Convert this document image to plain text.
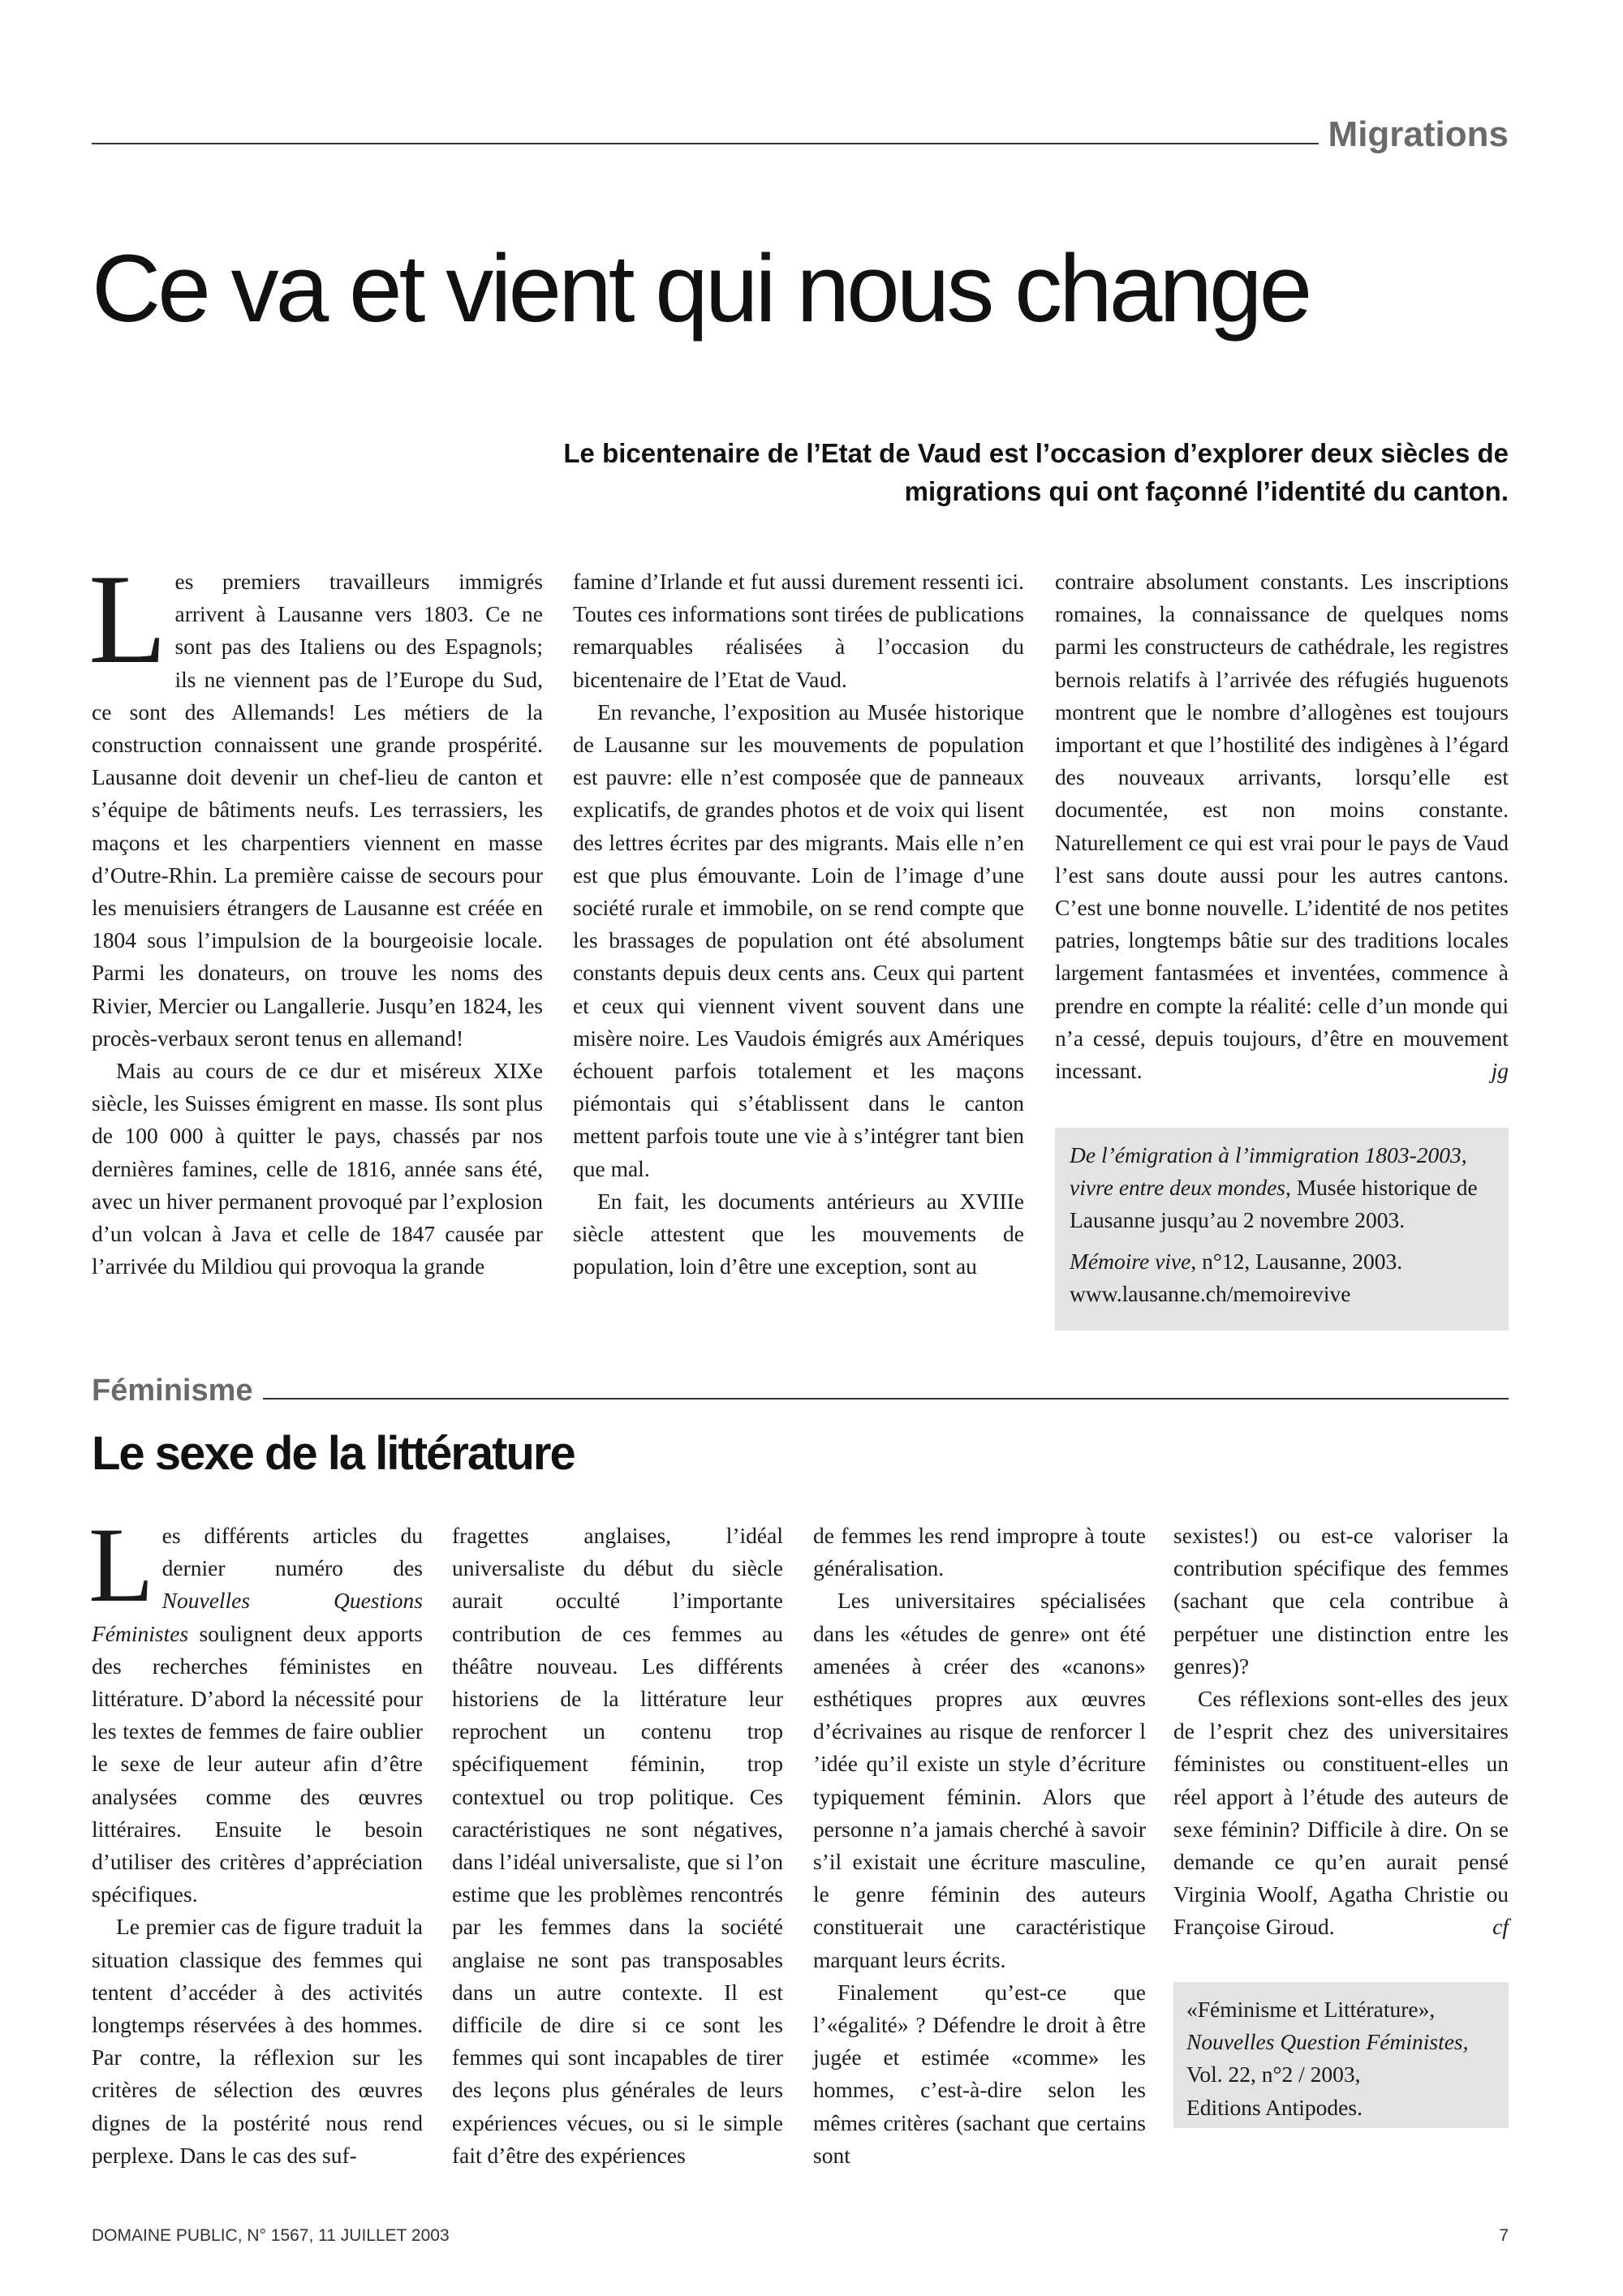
Migrations
Ce va et vient qui nous change
Le bicentenaire de l’Etat de Vaud est l’occasion d’explorer deux siècles de migrations qui ont façonné l’identité du canton.

Les premiers travailleurs immigrés arrivent à Lausanne vers 1803. Ce ne sont pas des Italiens ou des Espagnols; ils ne viennent pas de l’Europe du Sud, ce sont des Allemands! Les métiers de la construction connaissent une grande prospérité. Lausanne doit devenir un chef-lieu de canton et s’équipe de bâtiments neufs. Les terrassiers, les maçons et les charpentiers viennent en masse d’Outre-Rhin. La première caisse de secours pour les menuisiers étrangers de Lausanne est créée en 1804 sous l’impulsion de la bourgeoisie locale. Parmi les donateurs, on trouve les noms des Rivier, Mercier ou Langallerie. Jusqu’en 1824, les procès-verbaux seront tenus en allemand!

Mais au cours de ce dur et miséreux XIXe siècle, les Suisses émigrent en masse. Ils sont plus de 100 000 à quitter le pays, chassés par nos dernières famines, celle de 1816, année sans été, avec un hiver permanent provoqué par l’explosion d’un volcan à Java et celle de 1847 causée par l’arrivée du Mildiou qui provoqua la grande

famine d’Irlande et fut aussi durement ressenti ici. Toutes ces informations sont tirées de publications remarquables réalisées à l’occasion du bicentenaire de l’Etat de Vaud.

En revanche, l’exposition au Musée historique de Lausanne sur les mouvements de population est pauvre: elle n’est composée que de panneaux explicatifs, de grandes photos et de voix qui lisent des lettres écrites par des migrants. Mais elle n’en est que plus émouvante. Loin de l’image d’une société rurale et immobile, on se rend compte que les brassages de population ont été absolument constants depuis deux cents ans. Ceux qui partent et ceux qui viennent vivent souvent dans une misère noire. Les Vaudois émigrés aux Amériques échouent parfois totalement et les maçons piémontais qui s’établissent dans le canton mettent parfois toute une vie à s’intégrer tant bien que mal.

En fait, les documents antérieurs au XVIIIe siècle attestent que les mouvements de population, loin d’être une exception, sont au

contraire absolument constants. Les inscriptions romaines, la connaissance de quelques noms parmi les constructeurs de cathédrale, les registres bernois relatifs à l’arrivée des réfugiés huguenots montrent que le nombre d’allogènes est toujours important et que l’hostilité des indigènes à l’égard des nouveaux arrivants, lorsqu’elle est documentée, est non moins constante. Naturellement ce qui est vrai pour le pays de Vaud l’est sans doute aussi pour les autres cantons. C’est une bonne nouvelle. L’identité de nos petites patries, longtemps bâtie sur des traditions locales largement fantasmées et inventées, commence à prendre en compte la réalité: celle d’un monde qui n’a cessé, depuis toujours, d’être en mouvement incessant.	jg

De l’émigration à l’immigration 1803-2003, vivre entre deux mondes, Musée historique de Lausanne jusqu’au 2 novembre 2003.

Mémoire vive, n°12, Lausanne, 2003.
www.lausanne.ch/memoirevive

Féminisme
Le sexe de la littérature

Les différents articles du dernier numéro des Nouvelles Questions Féministes soulignent deux apports des recherches féministes en littérature. D’abord la nécessité pour les textes de femmes de faire oublier le sexe de leur auteur afin d’être analysées comme des œuvres littéraires. Ensuite le besoin d’utiliser des critères d’appréciation spécifiques.

Le premier cas de figure traduit la situation classique des femmes qui tentent d’accéder à des activités longtemps réservées à des hommes. Par contre, la réflexion sur les critères de sélection des œuvres dignes de la postérité nous rend perplexe. Dans le cas des suf-

fragettes anglaises, l’idéal universaliste du début du siècle aurait occulté l’importante contribution de ces femmes au théâtre nouveau. Les différents historiens de la littérature leur reprochent un contenu trop spécifiquement féminin, trop contextuel ou trop politique. Ces caractéristiques ne sont négatives, dans l’idéal universaliste, que si l’on estime que les problèmes rencontrés par les femmes dans la société anglaise ne sont pas transposables dans un autre contexte. Il est difficile de dire si ce sont les femmes qui sont incapables de tirer des leçons plus générales de leurs expériences vécues, ou si le simple fait d’être des expériences

de femmes les rend impropre à toute généralisation.

Les universitaires spécialisées dans les «études de genre» ont été amenées à créer des «canons» esthétiques propres aux œuvres d’écrivaines au risque de renforcer l ’idée qu’il existe un style d’écriture typiquement féminin. Alors que personne n’a jamais cherché à savoir s’il existait une écriture masculine, le genre féminin des auteurs constituerait une caractéristique marquant leurs écrits.

Finalement qu’est-ce que l’«égalité» ? Défendre le droit à être jugée et estimée «comme» les hommes, c’est-à-dire selon les mêmes critères (sachant que certains sont

sexistes!) ou est-ce valoriser la contribution spécifique des femmes (sachant que cela contribue à perpétuer une distinction entre les genres)?

Ces réflexions sont-elles des jeux de l’esprit chez des universitaires féministes ou constituent-elles un réel apport à l’étude des auteurs de sexe féminin? Difficile à dire. On se demande ce qu’en aurait pensé Virginia Woolf, Agatha Christie ou Françoise Giroud.	cf

«Féminisme et Littérature»,
Nouvelles Question Féministes,
Vol. 22, n°2 / 2003,
Editions Antipodes.
DOMAINE PUBLIC, N° 1567, 11 JUILLET 2003	7
